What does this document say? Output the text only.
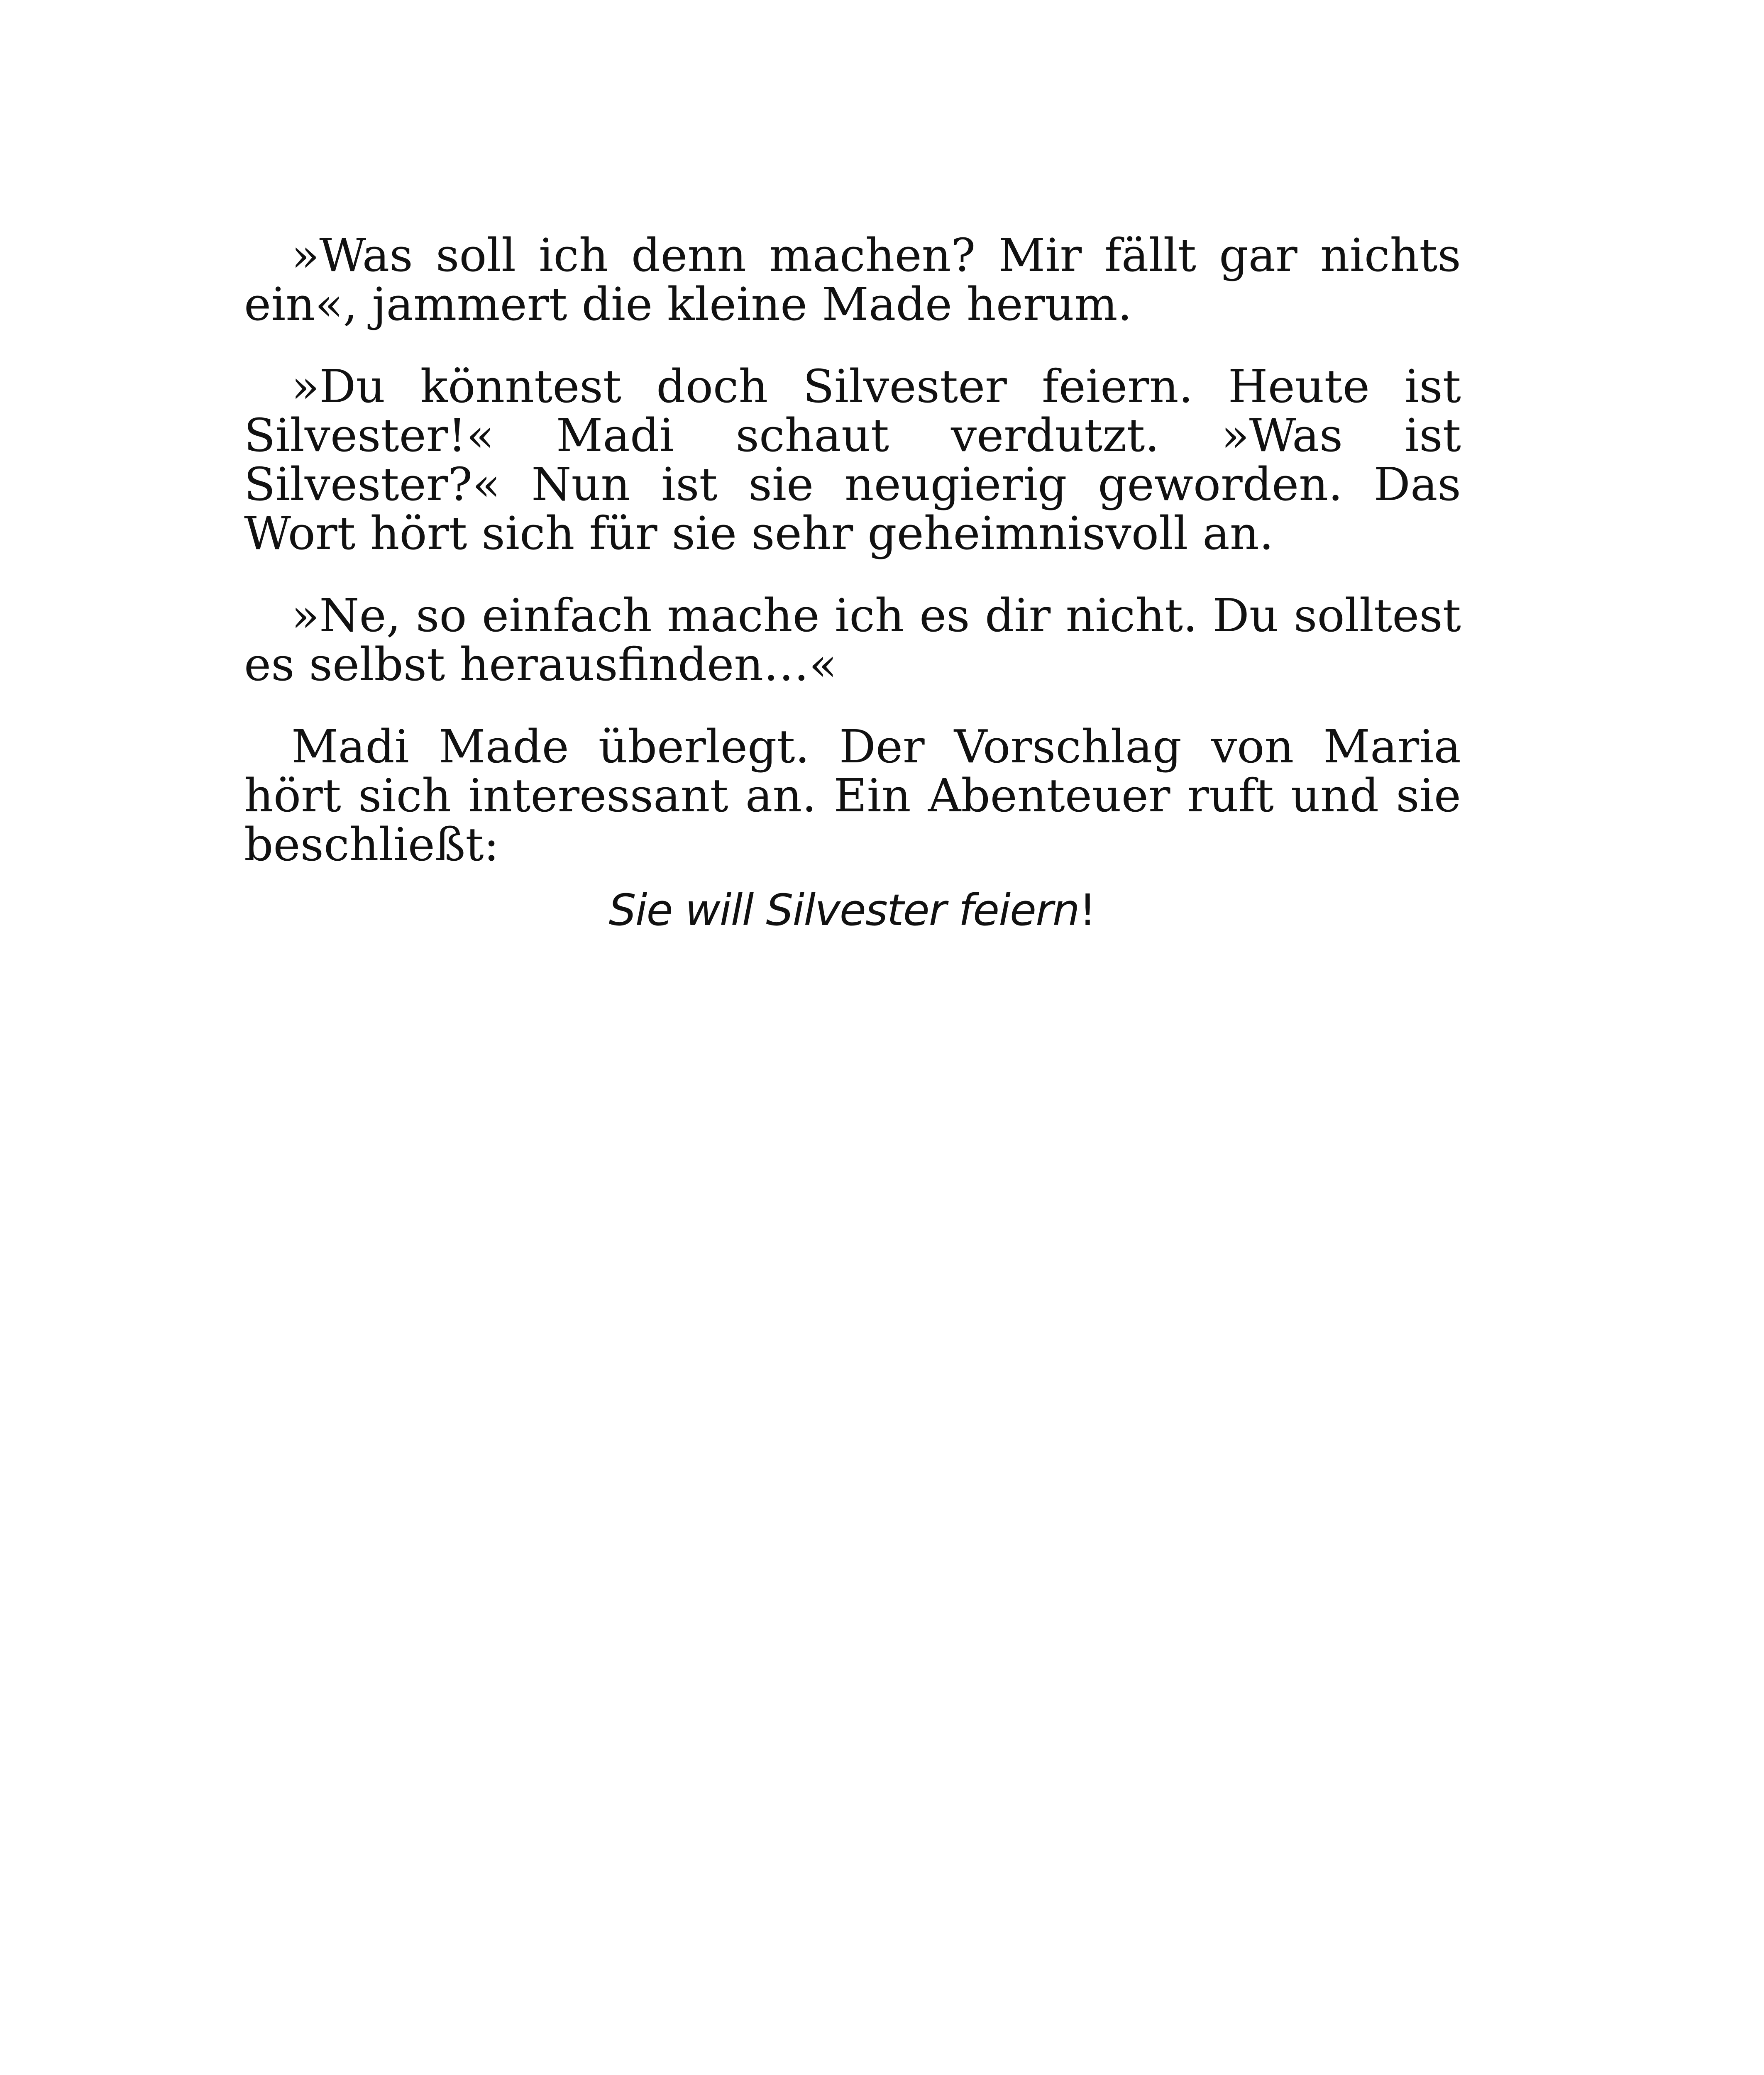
»Was soll ich denn machen? Mir fällt gar nichts ein«, jammert die kleine Made herum.

»Du könntest doch Silvester feiern. Heute ist Silvester!« Madi schaut verdutzt. »Was ist Silvester?« Nun ist sie neugierig geworden. Das Wort hört sich für sie sehr geheimnisvoll an.

»Ne, so einfach mache ich es dir nicht. Du solltest es selbst herausfinden…«

Madi Made überlegt. Der Vorschlag von Maria hört sich interessant an. Ein Abenteuer ruft und sie beschließt:

Sie will Silvester feiern!
